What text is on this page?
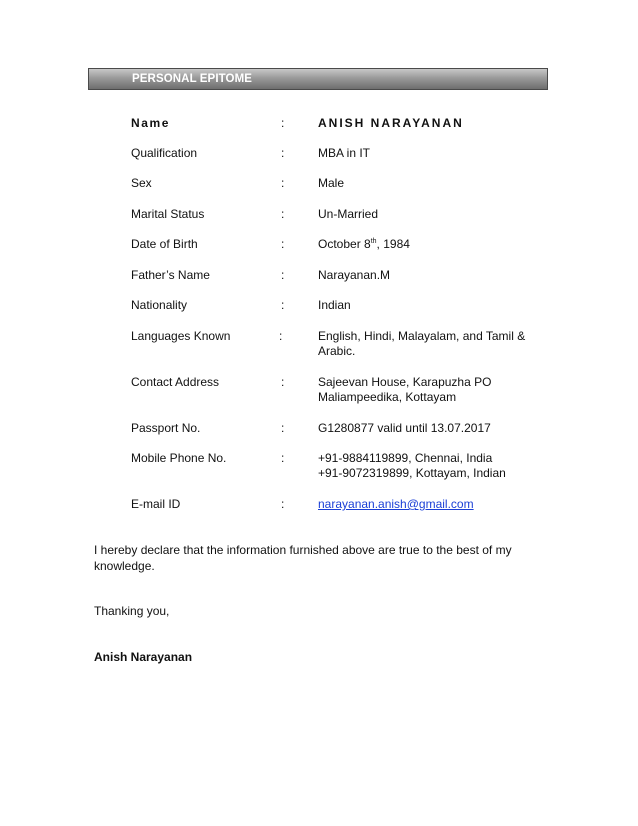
PERSONAL EPITOME
Name	:	ANISH NARAYANAN
Qualification	:	MBA in IT
Sex	:	Male
Marital Status	:	Un-Married
Date of Birth	:	October 8th, 1984
Father’s Name	:	Narayanan.M
Nationality	:	Indian
Languages Known	:	English, Hindi, Malayalam, and Tamil &
Arabic.
Contact Address	:	Sajeevan House, Karapuzha PO
Maliampeedika, Kottayam
Passport No.	:	G1280877 valid until 13.07.2017
Mobile Phone No.	:	+91-9884119899, Chennai, India
+91-9072319899, Kottayam, Indian
E-mail ID	:	narayanan.anish@gmail.com
I hereby declare that the information furnished above are true to the best of my
knowledge.
Thanking you,
Anish Narayanan
